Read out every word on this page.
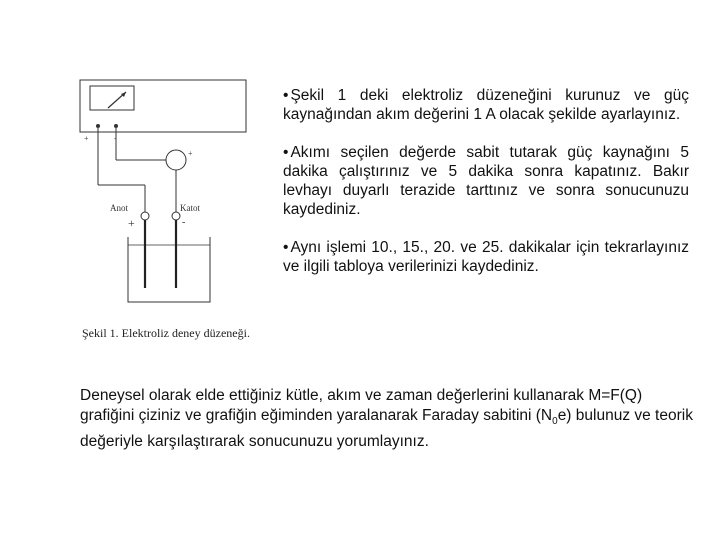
+	-
+
Anot	Katot
+	-
Şekil 1. Elektroliz deney düzeneği.

• Şekil 1 deki elektroliz düzeneğini kurunuz ve güç kaynağından akım değerini 1 A olacak şekilde ayarlayınız.

• Akımı seçilen değerde sabit tutarak güç kaynağını 5 dakika çalıştırınız ve 5 dakika sonra kapatınız. Bakır levhayı duyarlı terazide tarttınız ve sonra sonucunuzu kaydediniz.

• Aynı işlemi 10., 15., 20. ve 25. dakikalar için tekrarlayınız ve ilgili tabloya verilerinizi kaydediniz.

Deneysel olarak elde ettiğiniz kütle, akım ve zaman değerlerini kullanarak M=F(Q) grafiğini çiziniz ve grafiğin eğiminden yaralanarak Faraday sabitini $(N_0e)$ bulunuz ve teorik değeriyle karşılaştırarak sonucunuzu yorumlayınız.
